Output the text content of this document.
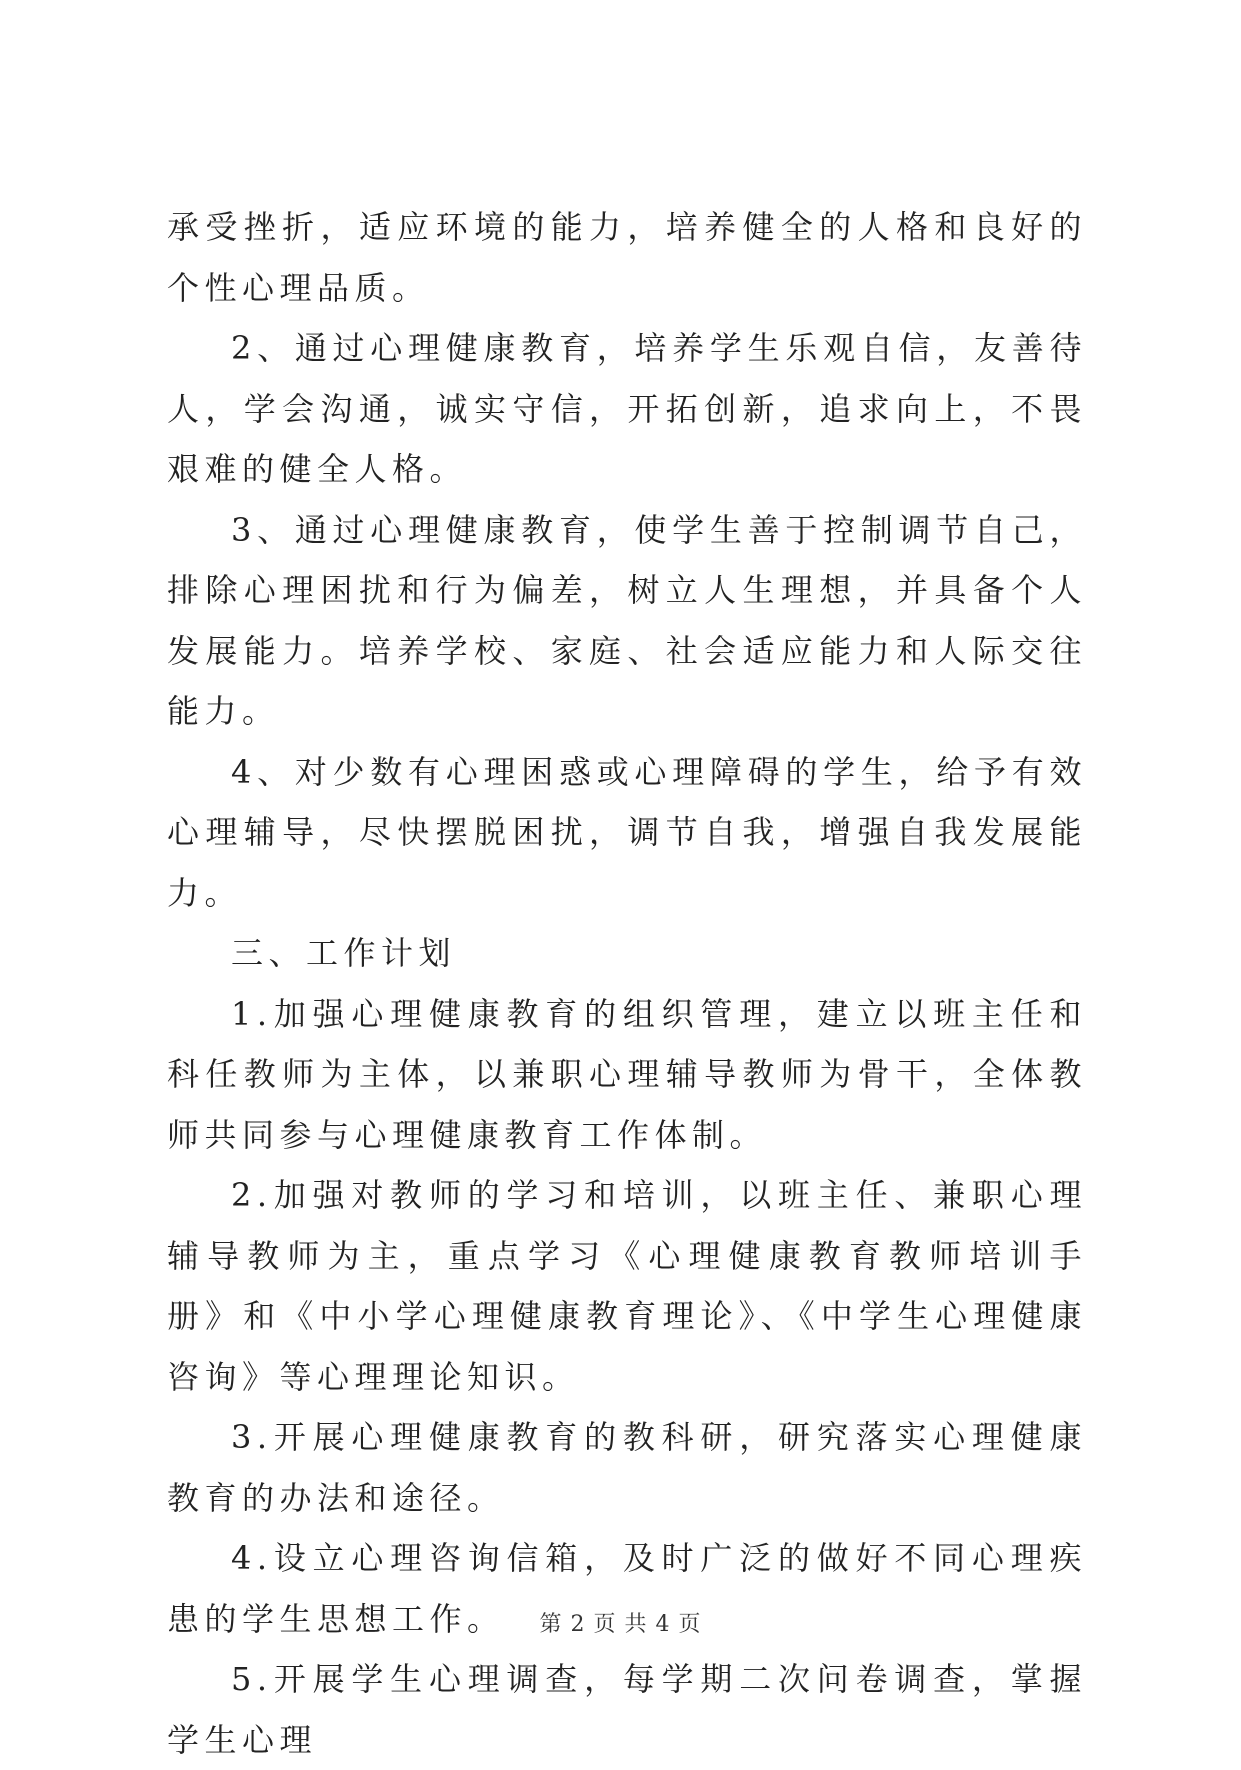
承受挫折，适应环境的能力，培养健全的人格和良好的个性心理品质。

2、通过心理健康教育，培养学生乐观自信，友善待人，学会沟通，诚实守信，开拓创新，追求向上，不畏艰难的健全人格。

3、通过心理健康教育，使学生善于控制调节自己，排除心理困扰和行为偏差，树立人生理想，并具备个人发展能力。培养学校、家庭、社会适应能力和人际交往能力。

4、对少数有心理困惑或心理障碍的学生，给予有效心理辅导，尽快摆脱困扰，调节自我，增强自我发展能力。

三、工作计划

1.加强心理健康教育的组织管理，建立以班主任和科任教师为主体，以兼职心理辅导教师为骨干，全体教师共同参与心理健康教育工作体制。

2.加强对教师的学习和培训，以班主任、兼职心理辅导教师为主，重点学习《心理健康教育教师培训手册》和《中小学心理健康教育理论》、《中学生心理健康咨询》等心理理论知识。

3.开展心理健康教育的教科研，研究落实心理健康教育的办法和途径。

4.设立心理咨询信箱，及时广泛的做好不同心理疾患的学生思想工作。

5.开展学生心理调查，每学期二次问卷调查，掌握学生心理

第 2 页 共 4 页
